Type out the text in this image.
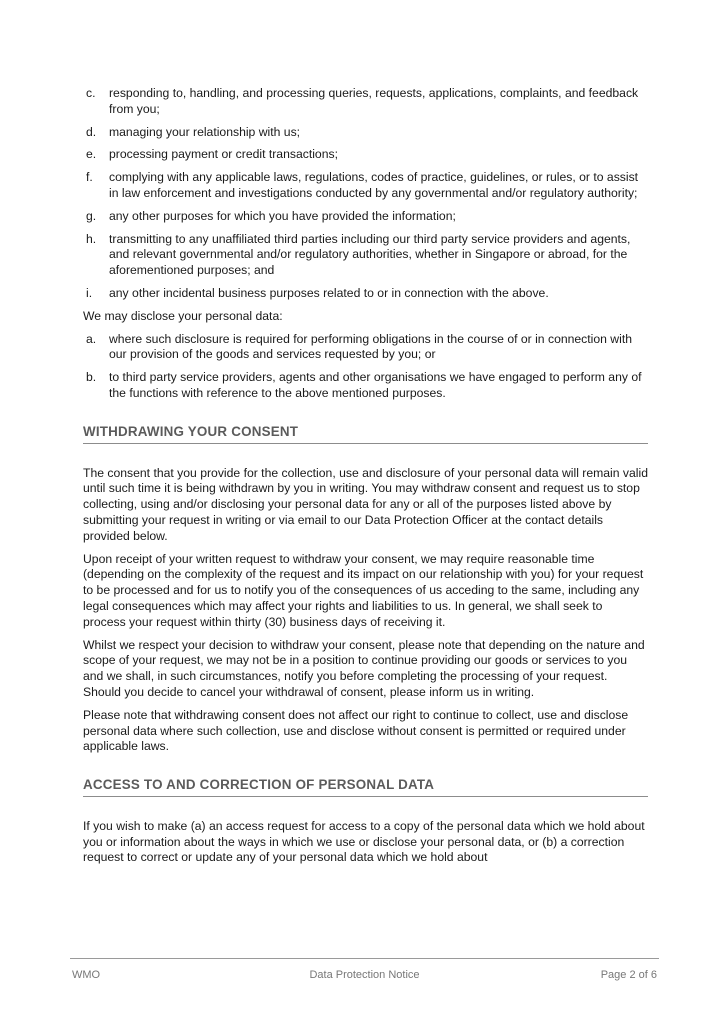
c.	responding to, handling, and processing queries, requests, applications, complaints, and feedback from you;
d.	managing your relationship with us;
e.	processing payment or credit transactions;
f.	complying with any applicable laws, regulations, codes of practice, guidelines, or rules, or to assist in law enforcement and investigations conducted by any governmental and/or regulatory authority;
g.	any other purposes for which you have provided the information;
h.	transmitting to any unaffiliated third parties including our third party service providers and agents, and relevant governmental and/or regulatory authorities, whether in Singapore or abroad, for the aforementioned purposes; and
i.	any other incidental business purposes related to or in connection with the above.

We may disclose your personal data:

a.	where such disclosure is required for performing obligations in the course of or in connection with our provision of the goods and services requested by you; or
b.	to third party service providers, agents and other organisations we have engaged to perform any of the functions with reference to the above mentioned purposes.
WITHDRAWING YOUR CONSENT

The consent that you provide for the collection, use and disclosure of your personal data will remain valid until such time it is being withdrawn by you in writing. You may withdraw consent and request us to stop collecting, using and/or disclosing your personal data for any or all of the purposes listed above by submitting your request in writing or via email to our Data Protection Officer at the contact details provided below.

Upon receipt of your written request to withdraw your consent, we may require reasonable time (depending on the complexity of the request and its impact on our relationship with you) for your request to be processed and for us to notify you of the consequences of us acceding to the same, including any legal consequences which may affect your rights and liabilities to us. In general, we shall seek to process your request within thirty (30) business days of receiving it.

Whilst we respect your decision to withdraw your consent, please note that depending on the nature and scope of your request, we may not be in a position to continue providing our goods or services to you and we shall, in such circumstances, notify you before completing the processing of your request. Should you decide to cancel your withdrawal of consent, please inform us in writing.

Please note that withdrawing consent does not affect our right to continue to collect, use and disclose personal data where such collection, use and disclose without consent is permitted or required under applicable laws.

ACCESS TO AND CORRECTION OF PERSONAL DATA

If you wish to make (a) an access request for access to a copy of the personal data which we hold about you or information about the ways in which we use or disclose your personal data, or (b) a correction request to correct or update any of your personal data which we hold about

WMO	Data Protection Notice	Page 2 of 6
